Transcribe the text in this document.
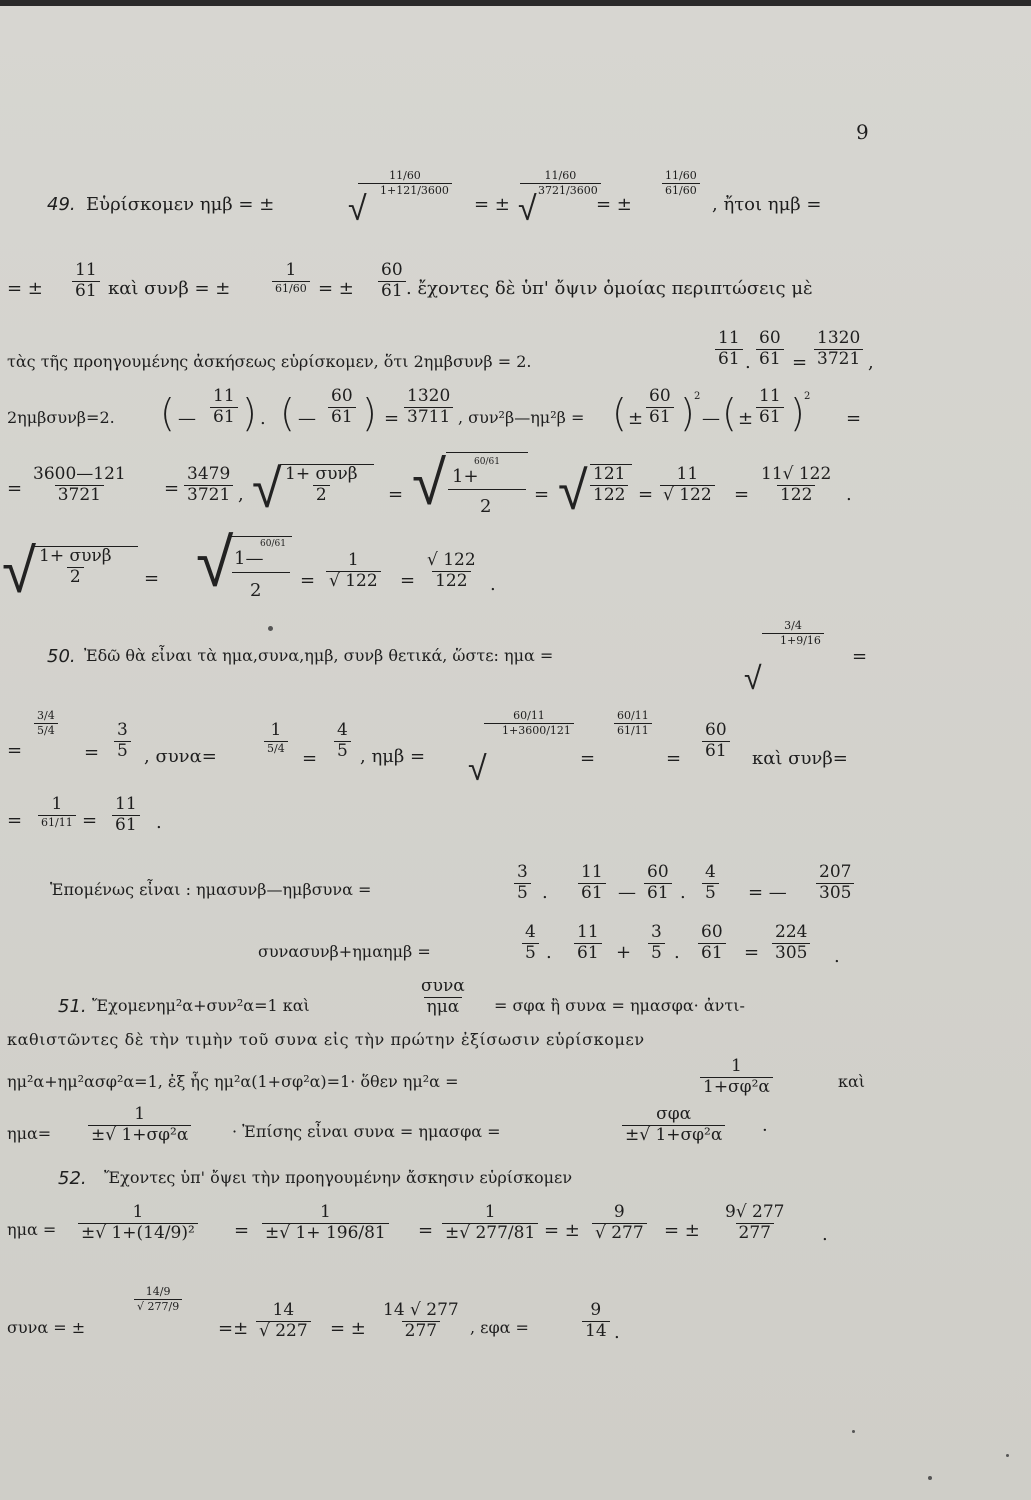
9
49. Εὑρίσκομεν ημβ = ±
$\frac{11/60}{1+121/3600}$
√	= ±
$\frac{11/60}{3721/3600}$
√	= ±
$\frac{11/60}{61/60}$
, ἤτοι ημβ =
= ± $\frac{11}{61}$ καὶ συνβ = ±
1
61/60 = ± $\frac{60}{61}$ . ἔχοντες δὲ ὑπ' ὄψιν ὁμοίας περιπτώσεις μὲ
τὰς τῆς προηγουμένης ἀσκήσεως εὑρίσκομεν, ὅτι 2ημβσυνβ = 2.	$\frac{11}{61}$ . $\frac{60}{61} = \frac{1320}{3721}$ ,
2ημβσυνβ=2. ( — $\frac{11}{61}$ ) . ( — $\frac{60}{61}$ ) = $\frac{1320}{3711}$ , συν²β—ημ²β = ( ± $\frac{60}{61}$ ) 2
— ( ± $\frac{11}{61}$ ) 2
=
= $\frac{3600—121}{3721} = \frac{3479}{3721}$ , √ 1+ συνβ
2	= √ 1+
60/61
2
= √ $\frac{121}{122} = \frac{11}{√ 122} = \frac{11√ 122}{122}$ .
√ 1+ συνβ
2	= √ 1—
60/61
$2 = \frac{1}{√ 122} = \frac{√ 122}{122}$ .
50. Ἐδῶ θὰ εἶναι τὰ ημα,συνα,ημβ, συνβ θετικά, ὥστε: ημα =
$\frac{3/4}{1+9/16}$
√
=
=
$\frac{3/4}{5/4}$
= $\frac{3}{5}$ , συνα=
1
$5/4 = \frac{4}{5}$ , ημβ =
$\frac{60/11}{1+3600/121}$
√	=
$\frac{60/11}{61/11}$
= $\frac{60}{61}$ καὶ συνβ=
=
1
$61/11 = \frac{11}{61}$ .
Ἑπομένως εἶναι : ημασυνβ—ημβσυνα =	$\frac{3}{5}$ . $\frac{11}{61}$ — $\frac{60}{61}$ . $\frac{4}{5}$ = — $\frac{207}{305}$
συνασυνβ+ημαημβ =	$\frac{4}{5}$ . $\frac{11}{61} + \frac{3}{5}$ . $\frac{60}{61} = \frac{224}{305}$ .
51. Ἔχομενημ²α+συν²α=1 καὶ
συνα
ημα = σφα ἢ συνα = ημασφα· ἀντι-
καθιστῶντες δὲ τὴν τιμὴν τοῦ συνα εἰς τὴν πρώτην ἐξίσωσιν εὑρίσκομεν
ημ²α+ημ²ασφ²α=1, ἐξ ἧς ημ²α(1+σφ²α)=1· ὅθεν ημ²α =	$\frac{1}{\text{1+σφ²α}}$	καὶ
$\eta\mu\alpha= \frac{1}{\text{±√ 1+σφ²α}}$	· Ἐπίσης εἶναι συνα = ημασφα =
σφα
±√ 1+σφ²α ·
52. Ἔχοντες ὑπ' ὄψει τὴν προηγουμένην ἄσκησιν εὑρίσκομεν
$\eta\mu\alpha = \frac{1}{\text{±√ 1+(14/9)²}} = \frac{1}{\pm√ 1+ 196/81} = \frac{1}{\pm√ 277/81}$ = ± $\frac{9}{√ 277}$ = ± $\frac{9√ 277}{277}$ .
συνα = ±
$\frac{14/9}{√ 277/9}$
=± $\frac{14}{√ 227}$ = ± $\frac{14 √ 277}{277}$ , εφα =	$\frac{9}{14}$ .
